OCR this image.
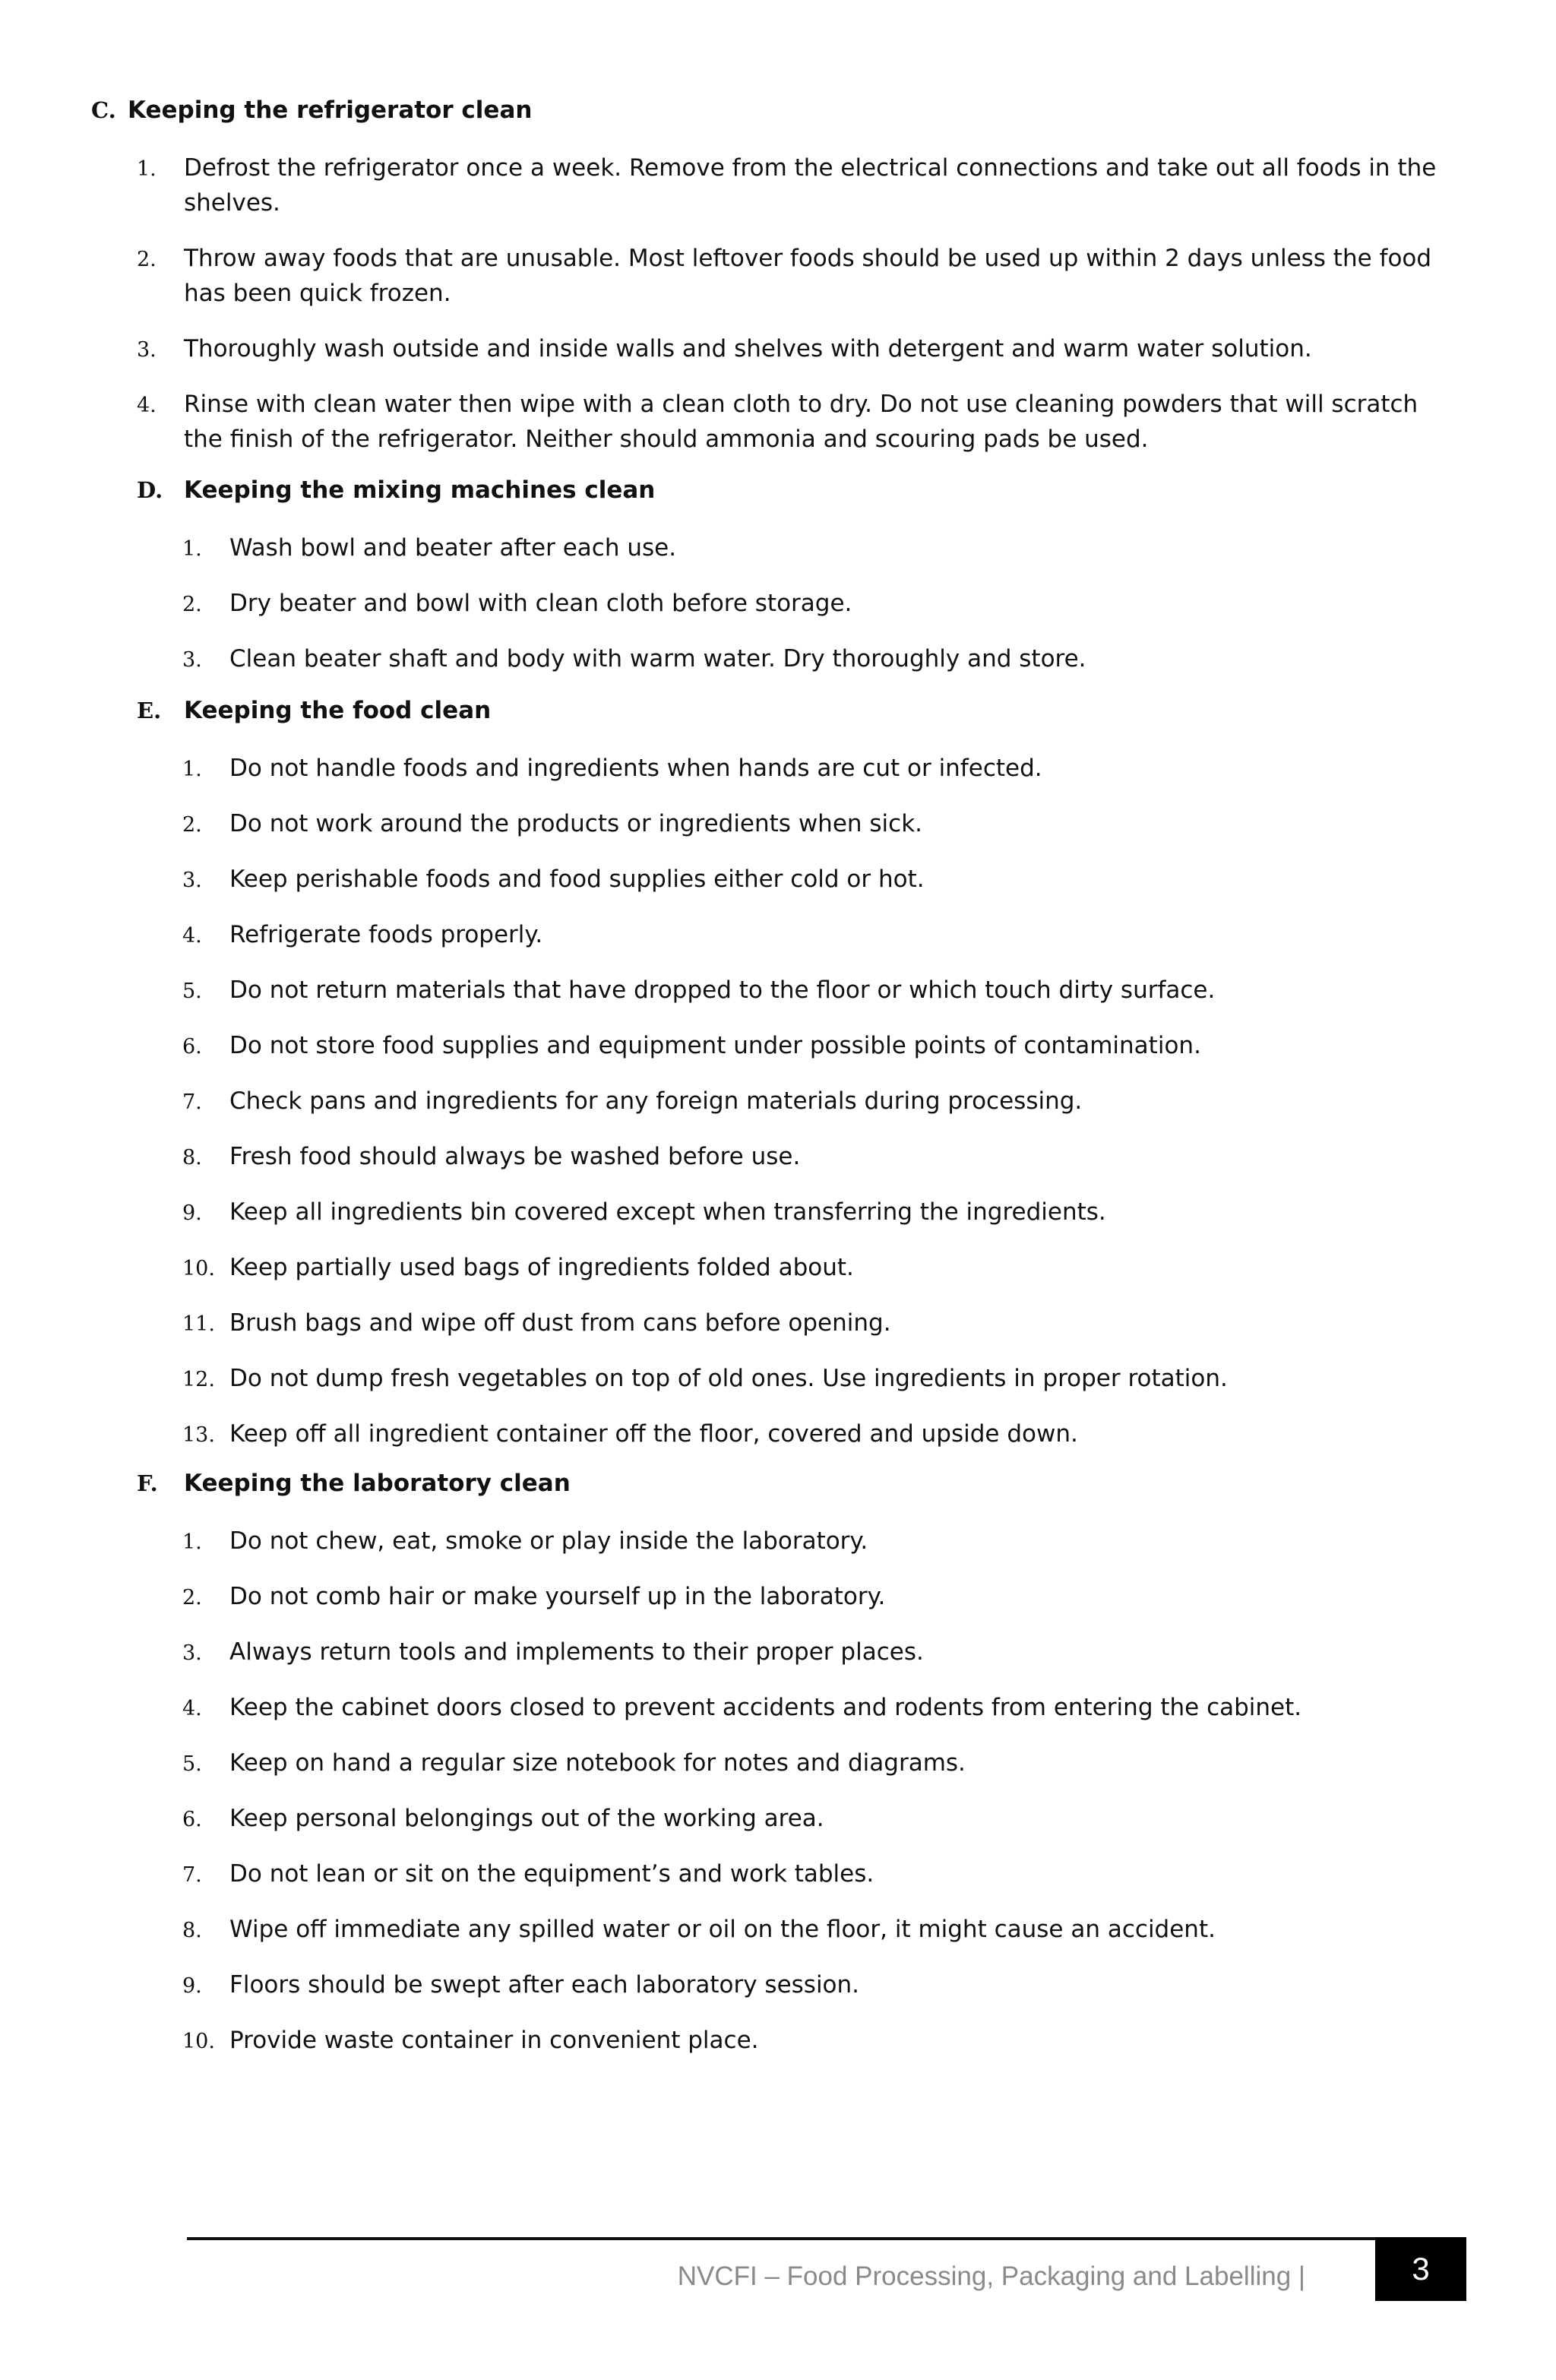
C. Keeping the refrigerator clean
1.	Defrost the refrigerator once a week. Remove from the electrical connections and take out all foods in the shelves.
2.	Throw away foods that are unusable. Most leftover foods should be used up within 2 days unless the food has been quick frozen.
3.	Thoroughly wash outside and inside walls and shelves with detergent and warm water solution.
4.	Rinse with clean water then wipe with a clean cloth to dry. Do not use cleaning powders that will scratch the finish of the refrigerator. Neither should ammonia and scouring pads be used.
D. Keeping the mixing machines clean
1.	Wash bowl and beater after each use.
2.	Dry beater and bowl with clean cloth before storage.
3.	Clean beater shaft and body with warm water. Dry thoroughly and store.
E. Keeping the food clean
1.	Do not handle foods and ingredients when hands are cut or infected.
2.	Do not work around the products or ingredients when sick.
3.	Keep perishable foods and food supplies either cold or hot.
4.	Refrigerate foods properly.
5.	Do not return materials that have dropped to the floor or which touch dirty surface.
6.	Do not store food supplies and equipment under possible points of contamination.
7.	Check pans and ingredients for any foreign materials during processing.
8.	Fresh food should always be washed before use.
9.	Keep all ingredients bin covered except when transferring the ingredients.
10. Keep partially used bags of ingredients folded about.
11. Brush bags and wipe off dust from cans before opening.
12. Do not dump fresh vegetables on top of old ones. Use ingredients in proper rotation.
13. Keep off all ingredient container off the floor, covered and upside down.
F.	Keeping the laboratory clean
1.	Do not chew, eat, smoke or play inside the laboratory.
2.	Do not comb hair or make yourself up in the laboratory.
3.	Always return tools and implements to their proper places.
4.	Keep the cabinet doors closed to prevent accidents and rodents from entering the cabinet.
5.	Keep on hand a regular size notebook for notes and diagrams.
6.	Keep personal belongings out of the working area.
7.	Do not lean or sit on the equipment’s and work tables.
8.	Wipe off immediate any spilled water or oil on the floor, it might cause an accident.
9.	Floors should be swept after each laboratory session.
10. Provide waste container in convenient place.
NVCFI – Food Processing, Packaging and Labelling |	3
